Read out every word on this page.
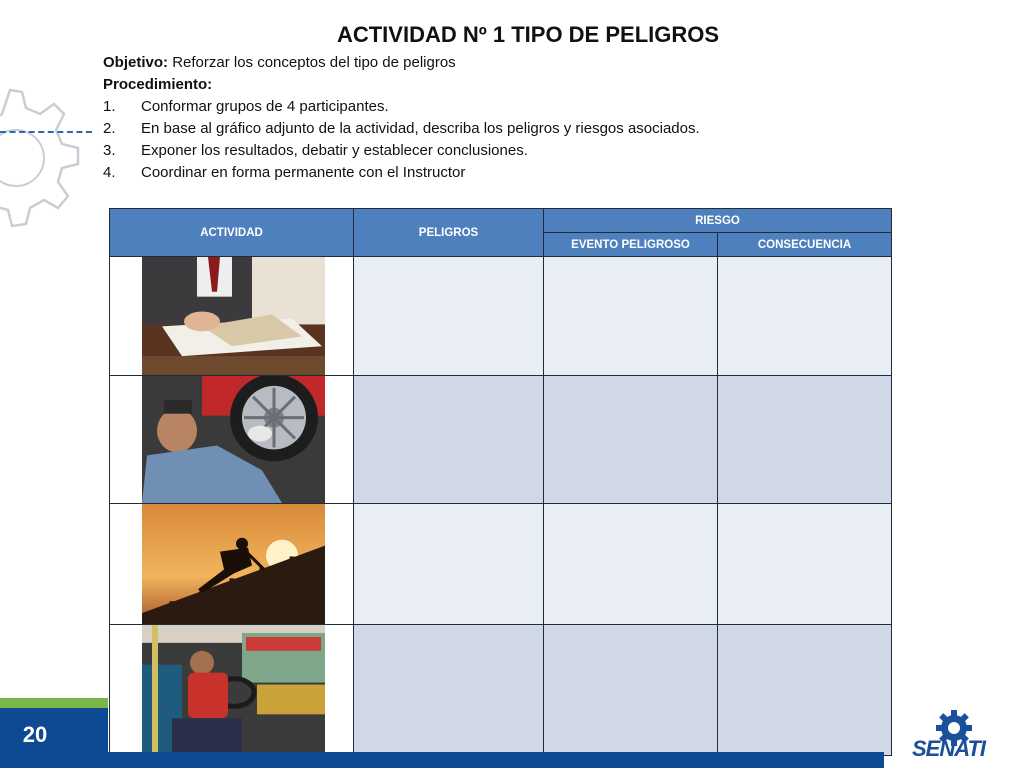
ACTIVIDAD Nº 1 TIPO DE PELIGROS
Objetivo: Reforzar los conceptos del tipo de peligros
Procedimiento:
1.	Conformar grupos de 4 participantes.
2.	En base al gráfico adjunto de la actividad, describa los peligros y riesgos asociados.
3.	Exponer los resultados, debatir y establecer conclusiones.
4.	Coordinar en forma permanente con el Instructor
ACTIVIDAD	PELIGROS	RIESGO	
		EVENTO PELIGROSO	CONSECUENCIA

20
SENATI
